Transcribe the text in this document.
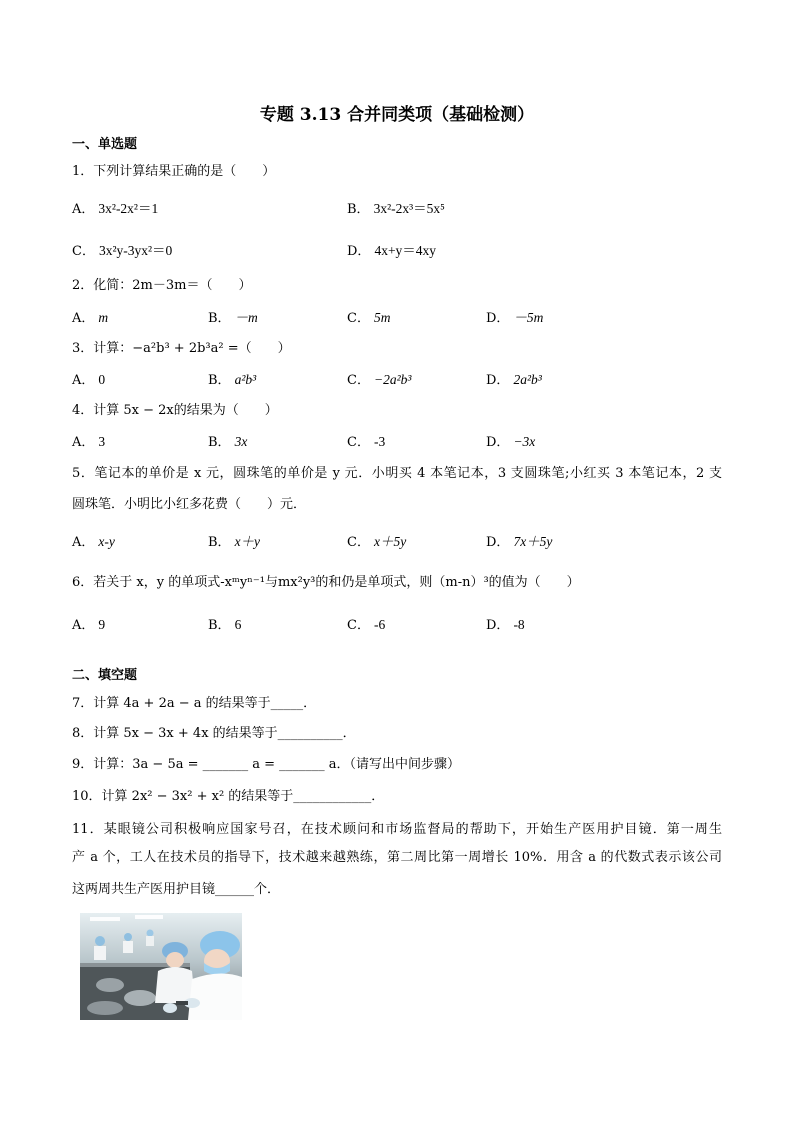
专题 3.13 合并同类项（基础检测）
一、单选题
1．下列计算结果正确的是（　　）
A． 3x²-2x²＝1	B． 3x²-2x³＝5x⁵
C． 3x²y-3yx²＝0	D． 4x+y＝4xy
2．化简：2m－3m＝（　　）
A． m	B． －m	C． 5m	D． －5m
3．计算：−a²b³ + 2b³a² =（　　）
A． 0	B． a²b³	C． −2a²b³	D． 2a²b³
4．计算 5x − 2x的结果为（　　）
A． 3	B． 3x	C． -3	D． −3x
5．笔记本的单价是 x 元，圆珠笔的单价是 y 元．小明买 4 本笔记本，3 支圆珠笔;小红买 3 本笔记本，2 支
圆珠笔．小明比小红多花费（　　）元．
A． x-y	B． x＋y	C． x＋5y	D． 7x＋5y
6．若关于 x，y 的单项式-xᵐyⁿ⁻¹与mx²y³的和仍是单项式，则（m-n）³的值为（　　）
A． 9	B． 6	C． -6	D． -8
二、填空题
7．计算 4a + 2a − a 的结果等于_____．
8．计算 5x − 3x + 4x 的结果等于__________．
9．计算：3a − 5a = _______ a = _______ a．（请写出中间步骤）
10．计算 2x² − 3x² + x² 的结果等于____________．
11．某眼镜公司积极响应国家号召，在技术顾问和市场监督局的帮助下，开始生产医用护目镜．第一周生
产 a 个，工人在技术员的指导下，技术越来越熟练，第二周比第一周增长 10%．用含 a 的代数式表示该公司
这两周共生产医用护目镜______个．
